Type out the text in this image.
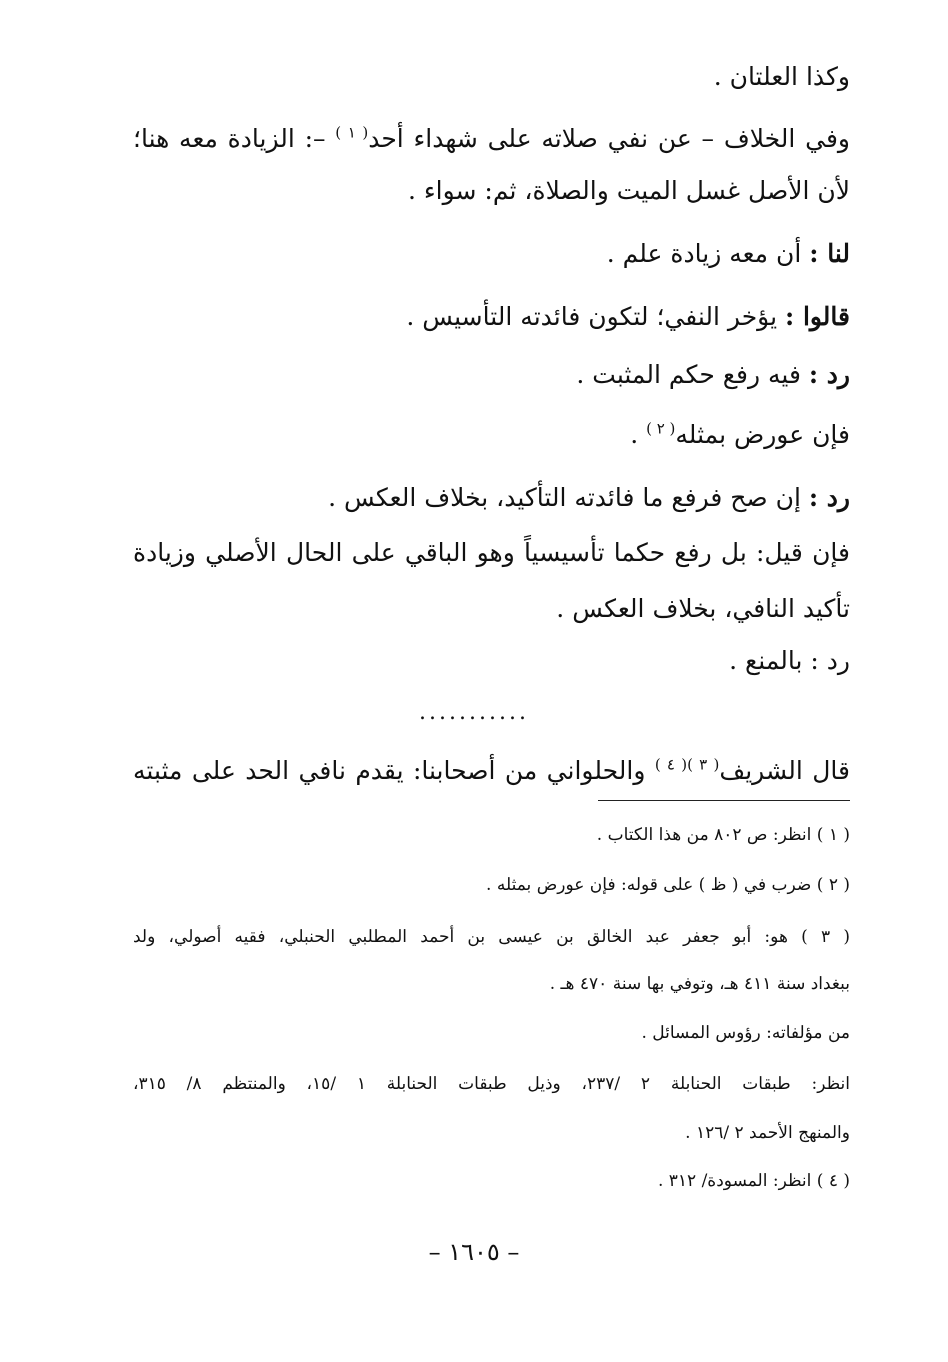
وكذا العلتان .
وفي الخلاف – عن نفي صلاته على شهداء أحد$^{( ١ )}$ –: الزيادة معه هنا؛
لأن الأصل غسل الميت والصلاة، ثم: سواء .
لنا : أن معه زيادة علم .
قالوا : يؤخر النفي؛ لتكون فائدته التأسيس .
رد : فيه رفع حكم المثبت .
فإن عورض بمثله$^{( ٢ )}$ .
رد : إن صح فرفع ما فائدته التأكيد، بخلاف العكس .
فإن قيل: بل رفع حكما تأسيسياً وهو الباقي على الحال الأصلي وزيادة
تأكيد النافي، بخلاف العكس .
رد : بالمنع .
...........
قال الشريف$^{( ٣ )( ٤ )}$ والحلواني من أصحابنا: يقدم نافي الحد على مثبته
( ١ ) انظر: ص ٨٠٢ من هذا الكتاب .
( ٢ ) ضرب في ( ظ ) على قوله: فإن عورض بمثله .
( ٣ ) هو: أبو جعفر عبد الخالق بن عيسى بن أحمد المطلبي الحنبلي، فقيه أصولي، ولد
ببغداد سنة ٤١١ هـ، وتوفي بها سنة ٤٧٠ هـ .
من مؤلفاته: رؤوس المسائل .
انظر: طبقات الحنابلة ٢ /٢٣٧، وذيل طبقات الحنابلة ١ /١٥، والمنتظم ٨/ ٣١٥،
والمنهج الأحمد ٢ /١٢٦ .
( ٤ ) انظر: المسودة/ ٣١٢ .
– ١٦٠٥ –
